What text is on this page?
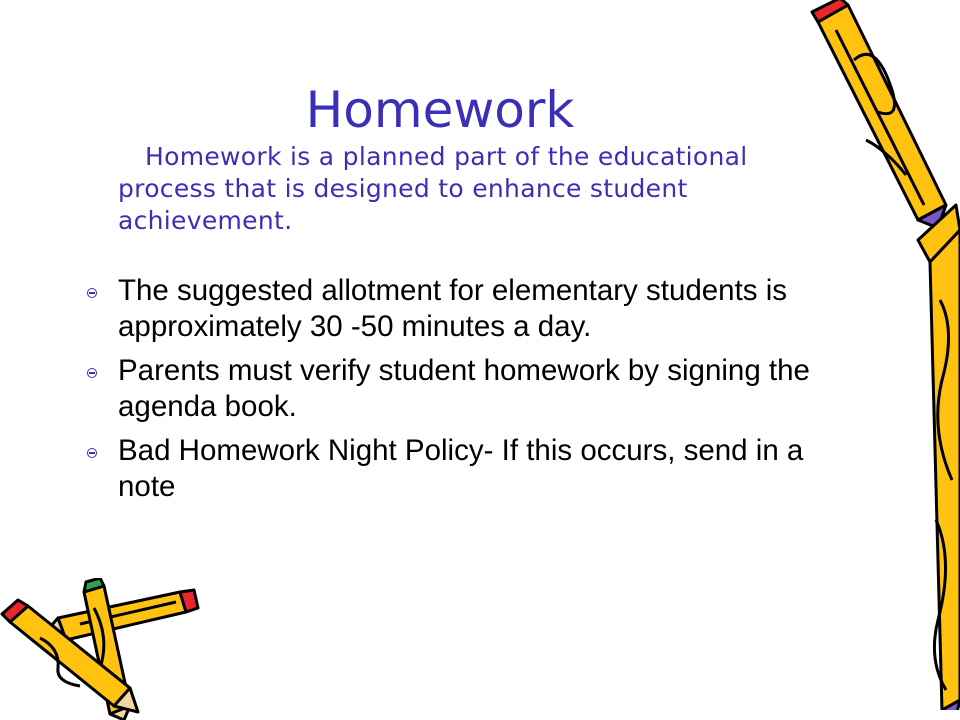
Homework
Homework is a planned part of the educational process that is designed to enhance student achievement.
The suggested allotment for elementary students is approximately 30 -50 minutes a day.
Parents must verify student homework by signing the agenda book.
Bad Homework Night Policy- If this occurs, send in a note
